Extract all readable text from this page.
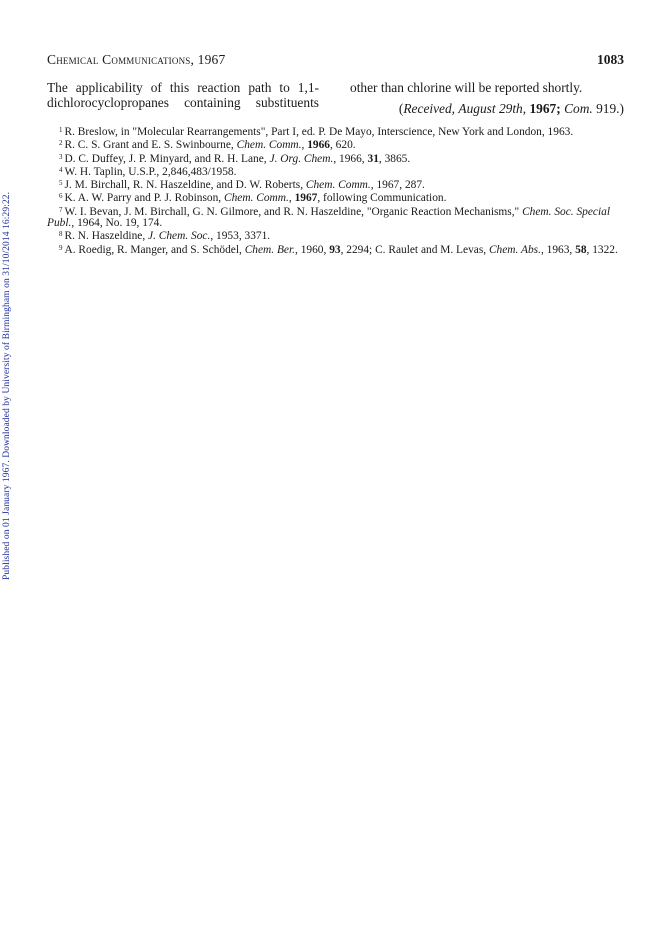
Published on 01 January 1967. Downloaded by University of Birmingham on 31/10/2014 16:29:22.
Chemical Communications, 1967	1083

The applicability of this reaction path to 1,1-dichlorocyclopropanes containing substituents

other than chlorine will be reported shortly.

(Received, August 29th, 1967; Com. 919.)

$^1$ R. Breslow, in "Molecular Rearrangements", Part I, ed. P. De Mayo, Interscience, New York and London, 1963.

$^2$ R. C. S. Grant and E. S. Swinbourne, Chem. Comm., 1966, 620.

$^3$ D. C. Duffey, J. P. Minyard, and R. H. Lane, J. Org. Chem., 1966, 31, 3865.

$^4$ W. H. Taplin, U.S.P., 2,846,483/1958.

$^5$ J. M. Birchall, R. N. Haszeldine, and D. W. Roberts, Chem. Comm., 1967, 287.

$^6$ K. A. W. Parry and P. J. Robinson, Chem. Comm., 1967, following Communication.

$^7$ W. I. Bevan, J. M. Birchall, G. N. Gilmore, and R. N. Haszeldine, "Organic Reaction Mechanisms," Chem. Soc. Special Publ., 1964, No. 19, 174.

$^8$ R. N. Haszeldine, J. Chem. Soc., 1953, 3371.

$^9$ A. Roedig, R. Manger, and S. Schödel, Chem. Ber., 1960, 93, 2294; C. Raulet and M. Levas, Chem. Abs., 1963, 58, 1322.
